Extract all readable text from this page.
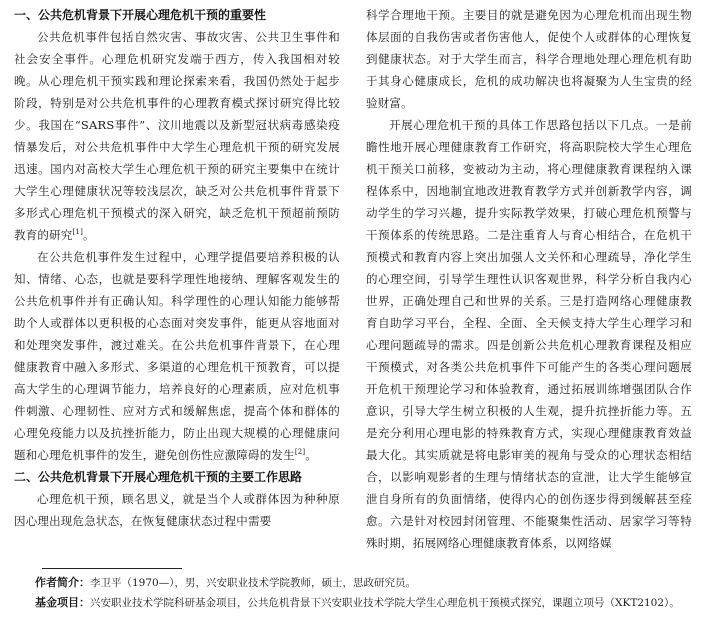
一、公共危机背景下开展心理危机干预的重要性

公共危机事件包括自然灾害、事故灾害、公共卫生事件和社会安全事件。心理危机研究发端于西方，传入我国相对较晚。从心理危机干预实践和理论探索来看，我国仍然处于起步阶段，特别是对公共危机事件的心理教育模式探讨研究得比较少。我国在“SARS事件”、汶川地震以及新型冠状病毒感染疫情暴发后，对公共危机事件中大学生心理危机干预的研究发展迅速。国内对高校大学生心理危机干预的研究主要集中在统计大学生心理健康状况等较浅层次，缺乏对公共危机事件背景下多形式心理危机干预模式的深入研究，缺乏危机干预超前预防教育的研究[1]。

在公共危机事件发生过程中，心理学提倡要培养积极的认知、情绪、心态，也就是要科学理性地接纳、理解客观发生的公共危机事件并有正确认知。科学理性的心理认知能力能够帮助个人或群体以更积极的心态面对突发事件，能更从容地面对和处理突发事件，渡过难关。在公共危机事件背景下，在心理健康教育中融入多形式、多渠道的心理危机干预教育，可以提高大学生的心理调节能力，培养良好的心理素质，应对危机事件刺激、心理韧性、应对方式和缓解焦虑，提高个体和群体的心理免疫能力以及抗挫折能力，防止出现大规模的心理健康问题和心理危机事件的发生，避免创伤性应激障碍的发生[2]。

二、公共危机背景下开展心理危机干预的主要工作思路

心理危机干预，顾名思义，就是当个人或群体因为种种原因心理出现危急状态，在恢复健康状态过程中需要

科学合理地干预。主要目的就是避免因为心理危机而出现生物体层面的自我伤害或者伤害他人，促使个人或群体的心理恢复到健康状态。对于大学生而言，科学合理地处理心理危机有助于其身心健康成长，危机的成功解决也将凝聚为人生宝贵的经验财富。

开展心理危机干预的具体工作思路包括以下几点。一是前瞻性地开展心理健康教育工作研究，将高职院校大学生心理危机干预关口前移，变被动为主动，将心理健康教育课程纳入课程体系中，因地制宜地改进教育教学方式并创新教学内容，调动学生的学习兴趣，提升实际教学效果，打破心理危机预警与干预体系的传统思路。二是注重育人与育心相结合，在危机干预模式和教育内容上突出加强人文关怀和心理疏导，净化学生的心理空间，引导学生理性认识客观世界，科学分析自我内心世界，正确处理自己和世界的关系。三是打造网络心理健康教育自助学习平台，全程、全面、全天候支持大学生心理学习和心理问题疏导的需求。四是创新公共危机心理教育课程及相应干预模式，对各类公共危机事件下可能产生的各类心理问题展开危机干预理论学习和体验教育，通过拓展训练增强团队合作意识，引导大学生树立积极的人生观，提升抗挫折能力等。五是充分利用心理电影的特殊教育方式，实现心理健康教育效益最大化。其实质就是将电影审美的视角与受众的心理状态相结合，以影响观影者的生理与情绪状态的宣泄，让大学生能够宣泄自身所有的负面情绪，使得内心的创伤逐步得到缓解甚至痊愈。六是针对校园封闭管理、不能聚集性活动、居家学习等特殊时期，拓展网络心理健康教育体系，以网络媒

作者简介：李卫平（1970—），男，兴安职业技术学院教师，硕士，思政研究员。

基金项目：兴安职业技术学院科研基金项目，公共危机背景下兴安职业技术学院大学生心理危机干预模式探究，课题立项号（XKT2102）。
